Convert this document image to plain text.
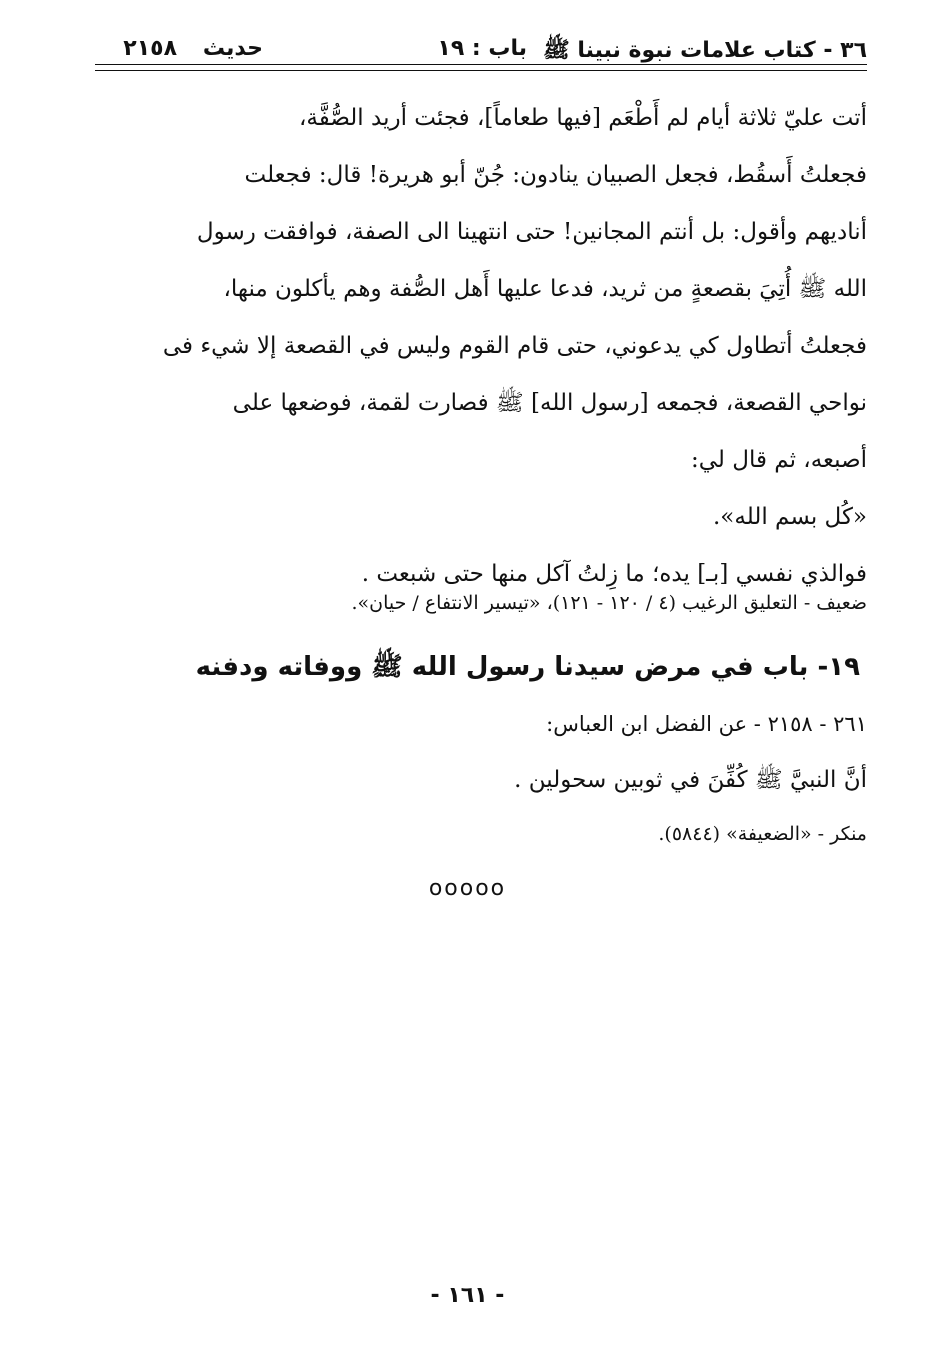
٣٦ - كتاب علامات نبوة نبينا ﷺ
باب : ١٩
حديث
٢١٥٨
أتت عليّ ثلاثة أيام لم أَطْعَم [فيها طعاماً]، فجئت أريد الصُّفَّة،
فجعلتُ أَسقُط، فجعل الصبيان ينادون: جُنّ أبو هريرة! قال: فجعلت
أناديهم وأقول: بل أنتم المجانين! حتى انتهينا الى الصفة، فوافقت رسول
الله ﷺ أُتِيَ بقصعةٍ من ثريد، فدعا عليها أَهل الصُّفة وهم يأكلون منها،
فجعلتُ أتطاول كي يدعوني، حتى قام القوم وليس في القصعة إلا شيء فى
نواحي القصعة، فجمعه [رسول الله] ﷺ فصارت لقمة، فوضعها على
أصبعه، ثم قال لي:
«كُل بسم الله».
فوالذي نفسي [بـ] يده؛ ما زِلتُ آكل منها حتى شبعت .
ضعيف - التعليق الرغيب (٤ / ١٢٠ - ١٢١)، «تيسير الانتفاع / حيان».
١٩- باب في مرض سيدنا رسول الله ﷺ ووفاته ودفنه
٢٦١ - ٢١٥٨ - عن الفضل ابن العباس:
أنَّ النبيَّ ﷺ كُفِّنَ في ثوبين سحولين .
منكر - «الضعيفة» (٥٨٤٤).
ooooo
- ١٦١ -
